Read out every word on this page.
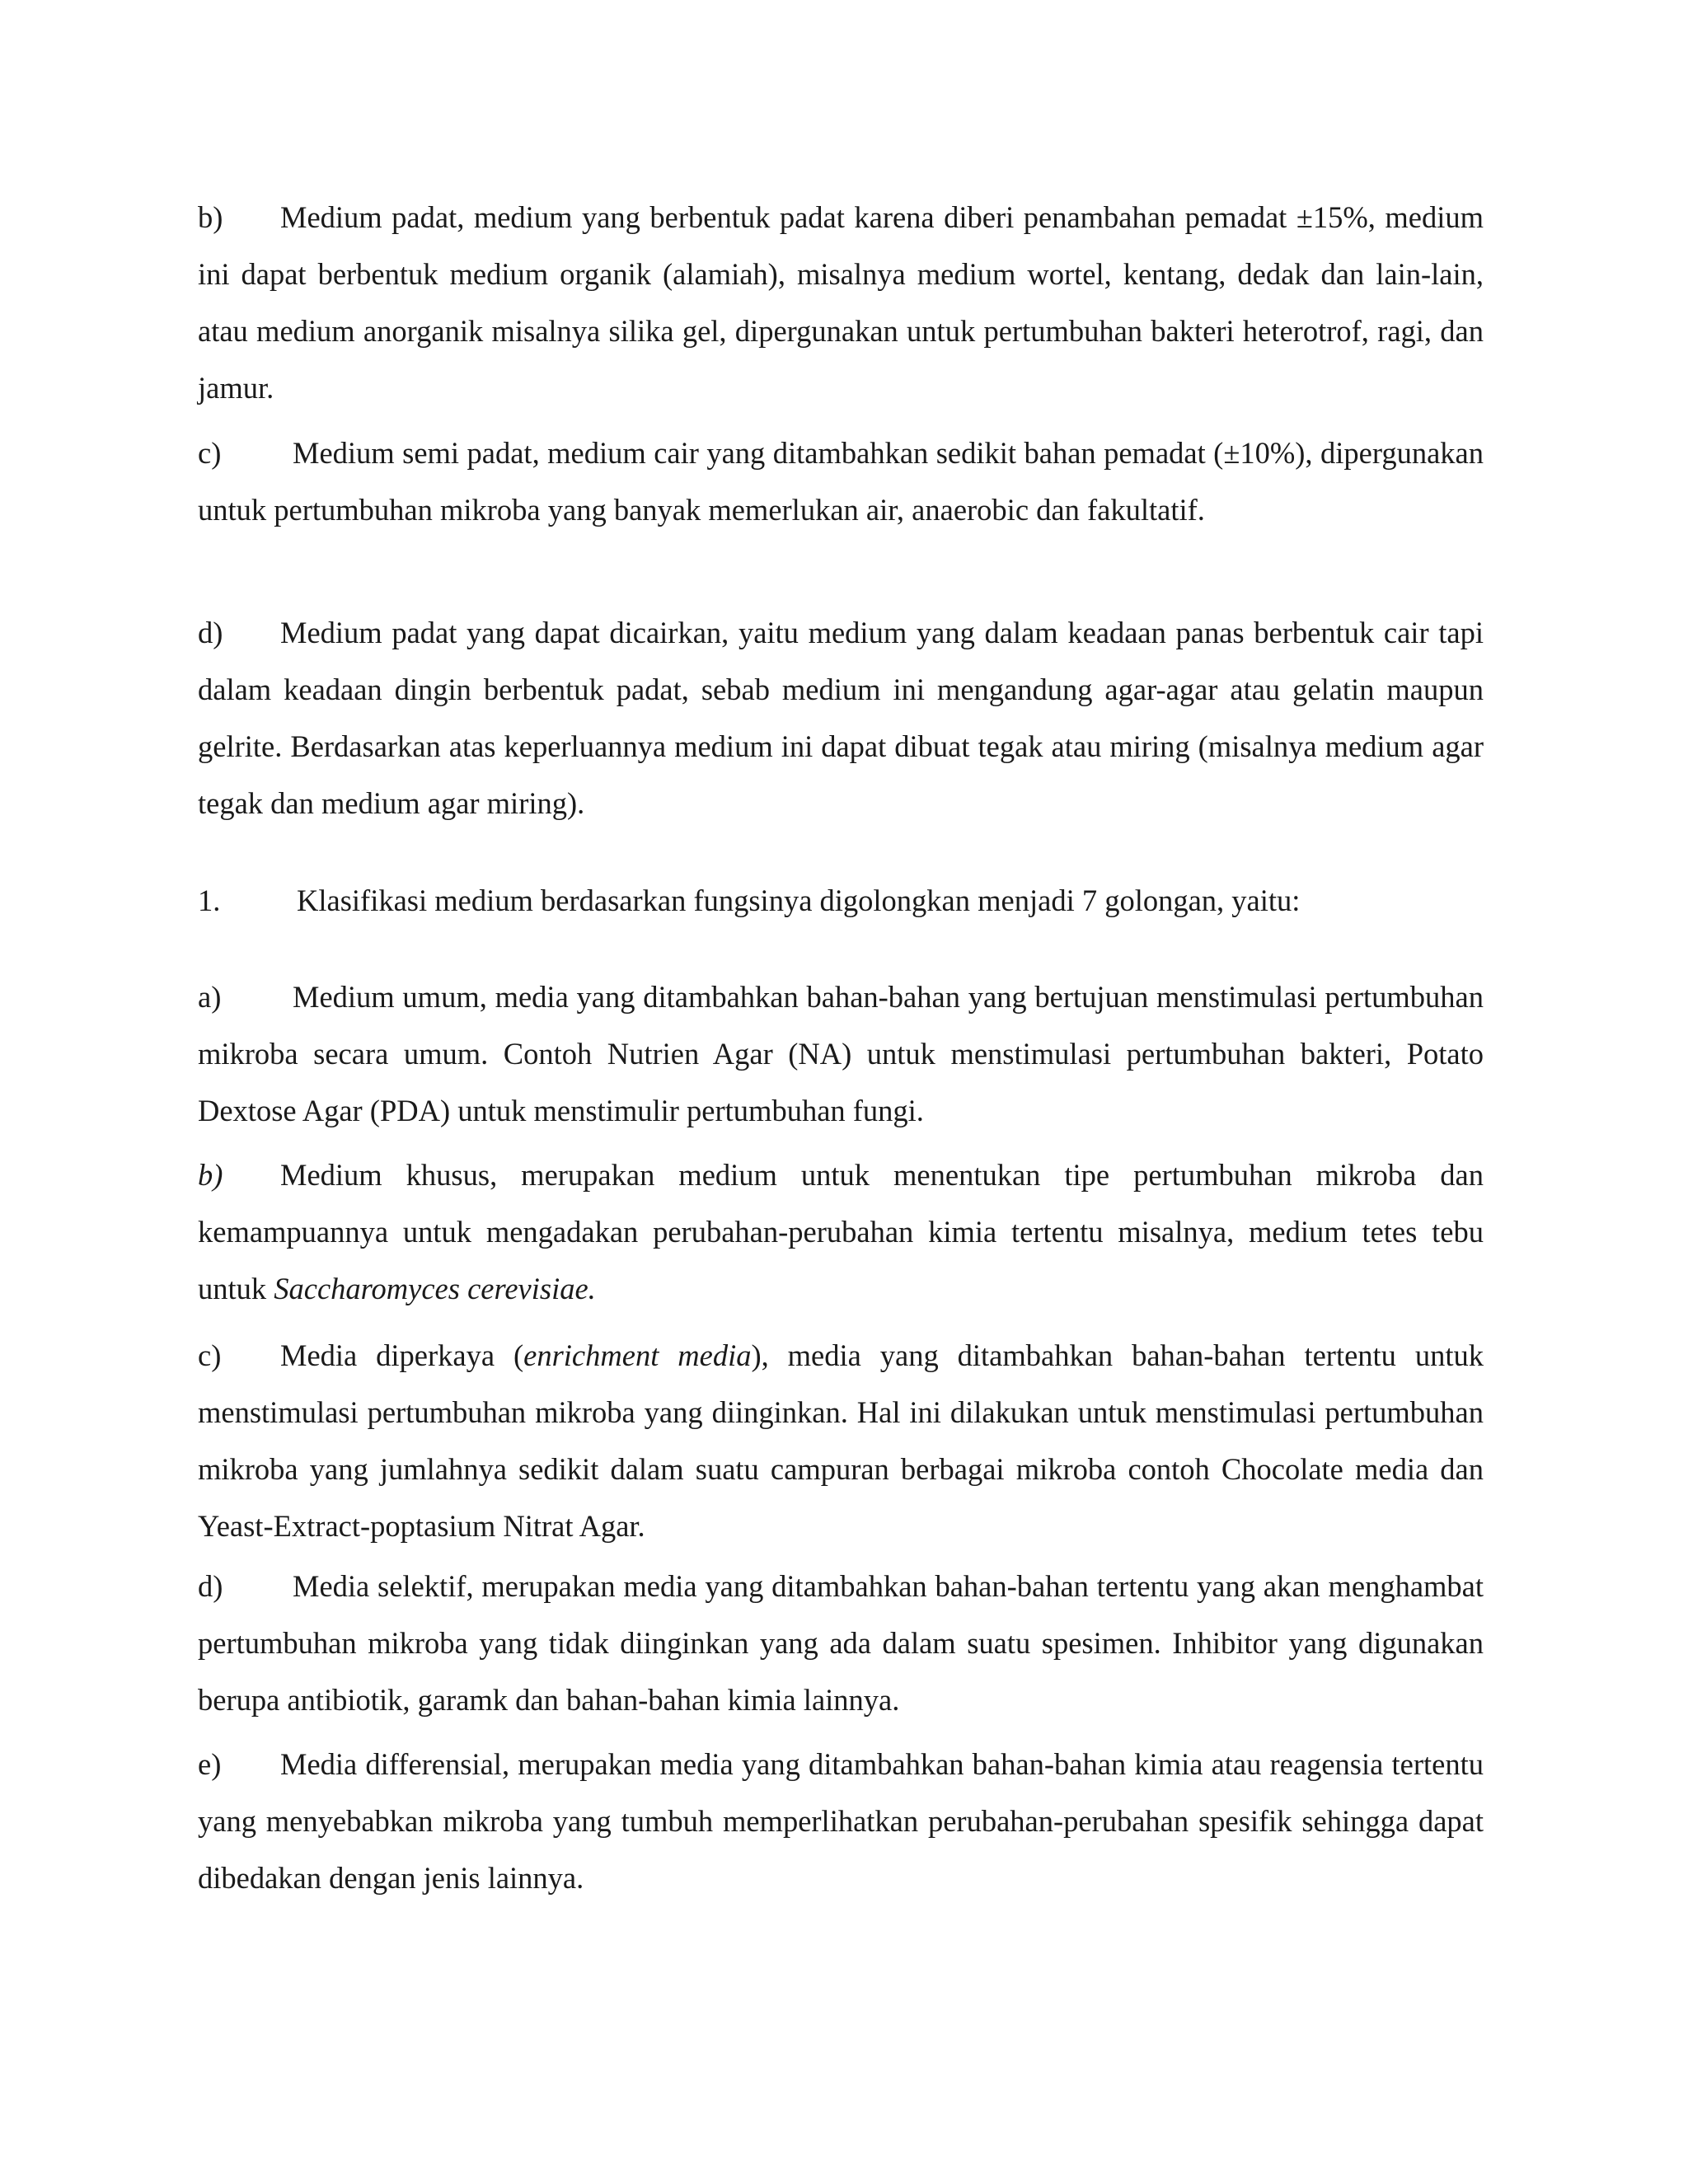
b) Medium padat, medium yang berbentuk padat karena diberi penambahan pemadat ±15%, medium ini dapat berbentuk medium organik (alamiah), misalnya medium wortel, kentang, dedak dan lain-lain, atau medium anorganik misalnya silika gel, dipergunakan untuk pertumbuhan bakteri heterotrof, ragi, dan jamur.

c) Medium semi padat, medium cair yang ditambahkan sedikit bahan pemadat (±10%), dipergunakan untuk pertumbuhan mikroba yang banyak memerlukan air, anaerobic dan fakultatif.

d) Medium padat yang dapat dicairkan, yaitu medium yang dalam keadaan panas berbentuk cair tapi dalam keadaan dingin berbentuk padat, sebab medium ini mengandung agar-agar atau gelatin maupun gelrite. Berdasarkan atas keperluannya medium ini dapat dibuat tegak atau miring (misalnya medium agar tegak dan medium agar miring).

1.	Klasifikasi medium berdasarkan fungsinya digolongkan menjadi 7 golongan, yaitu:

a) Medium umum, media yang ditambahkan bahan-bahan yang bertujuan menstimulasi pertumbuhan mikroba secara umum. Contoh Nutrien Agar (NA) untuk menstimulasi pertumbuhan bakteri, Potato Dextose Agar (PDA) untuk menstimulir pertumbuhan fungi.

b) Medium khusus, merupakan medium untuk menentukan tipe pertumbuhan mikroba dan kemampuannya untuk mengadakan perubahan-perubahan kimia tertentu misalnya, medium tetes tebu untuk Saccharomyces cerevisiae.

c) Media diperkaya (enrichment media), media yang ditambahkan bahan-bahan tertentu untuk menstimulasi pertumbuhan mikroba yang diinginkan. Hal ini dilakukan untuk menstimulasi pertumbuhan mikroba yang jumlahnya sedikit dalam suatu campuran berbagai mikroba contoh Chocolate media dan Yeast-Extract-poptasium Nitrat Agar.

d) Media selektif, merupakan media yang ditambahkan bahan-bahan tertentu yang akan menghambat pertumbuhan mikroba yang tidak diinginkan yang ada dalam suatu spesimen. Inhibitor yang digunakan berupa antibiotik, garamk dan bahan-bahan kimia lainnya.

e) Media differensial, merupakan media yang ditambahkan bahan-bahan kimia atau reagensia tertentu yang menyebabkan mikroba yang tumbuh memperlihatkan perubahan-perubahan spesifik sehingga dapat dibedakan dengan jenis lainnya.
